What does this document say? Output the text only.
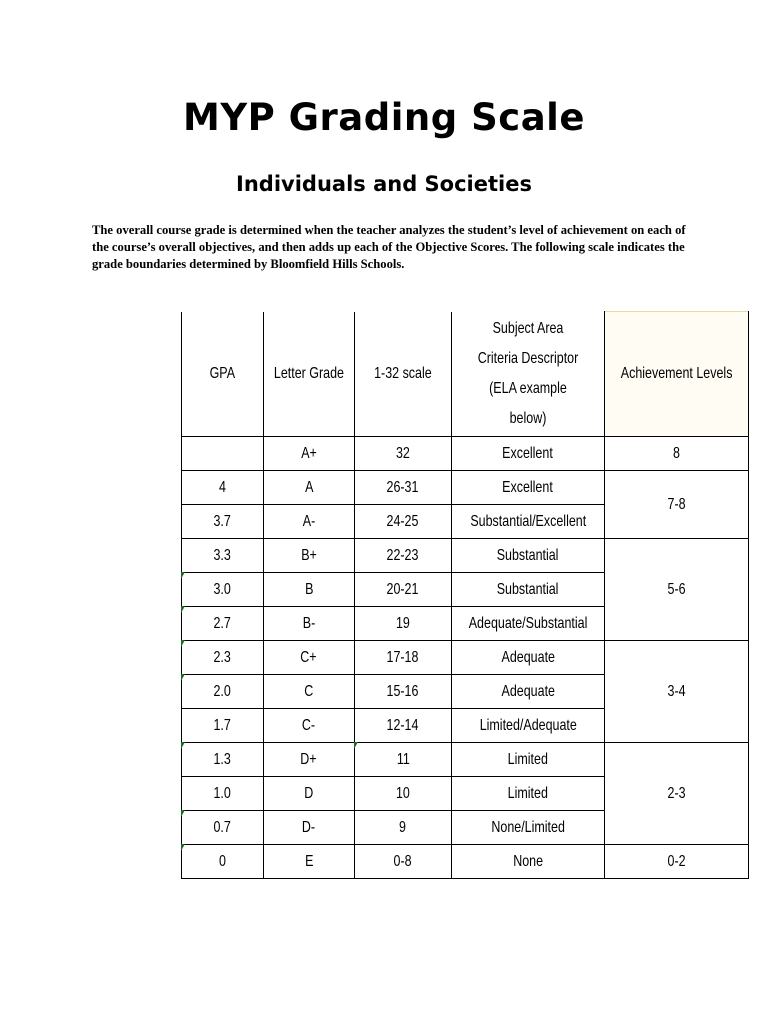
MYP Grading Scale
Individuals and Societies

The overall course grade is determined when the teacher analyzes the student’s level of achievement on each of the course’s overall objectives, and then adds up each of the Objective Scores. The following scale indicates the grade boundaries determined by Bloomfield Hills Schools.

GPA	Letter Grade	1-32 scale	Subject Area Criteria Descriptor (ELA example below)	Achievement Levels
	A+	32	Excellent	8
4	A	26-31	Excellent	7-8
3.7	A-	24-25	Substantial/Excellent	
3.3	B+	22-23	Substantial	5-6
3.0	B	20-21	Substantial	
2.7	B-	19	Adequate/Substantial	
2.3	C+	17-18	Adequate	3-4
2.0	C	15-16	Adequate	
1.7	C-	12-14	Limited/Adequate	
1.3	D+	11	Limited	2-3
1.0	D	10	Limited	
0.7	D-	9	None/Limited	
0	E	0-8	None	0-2
